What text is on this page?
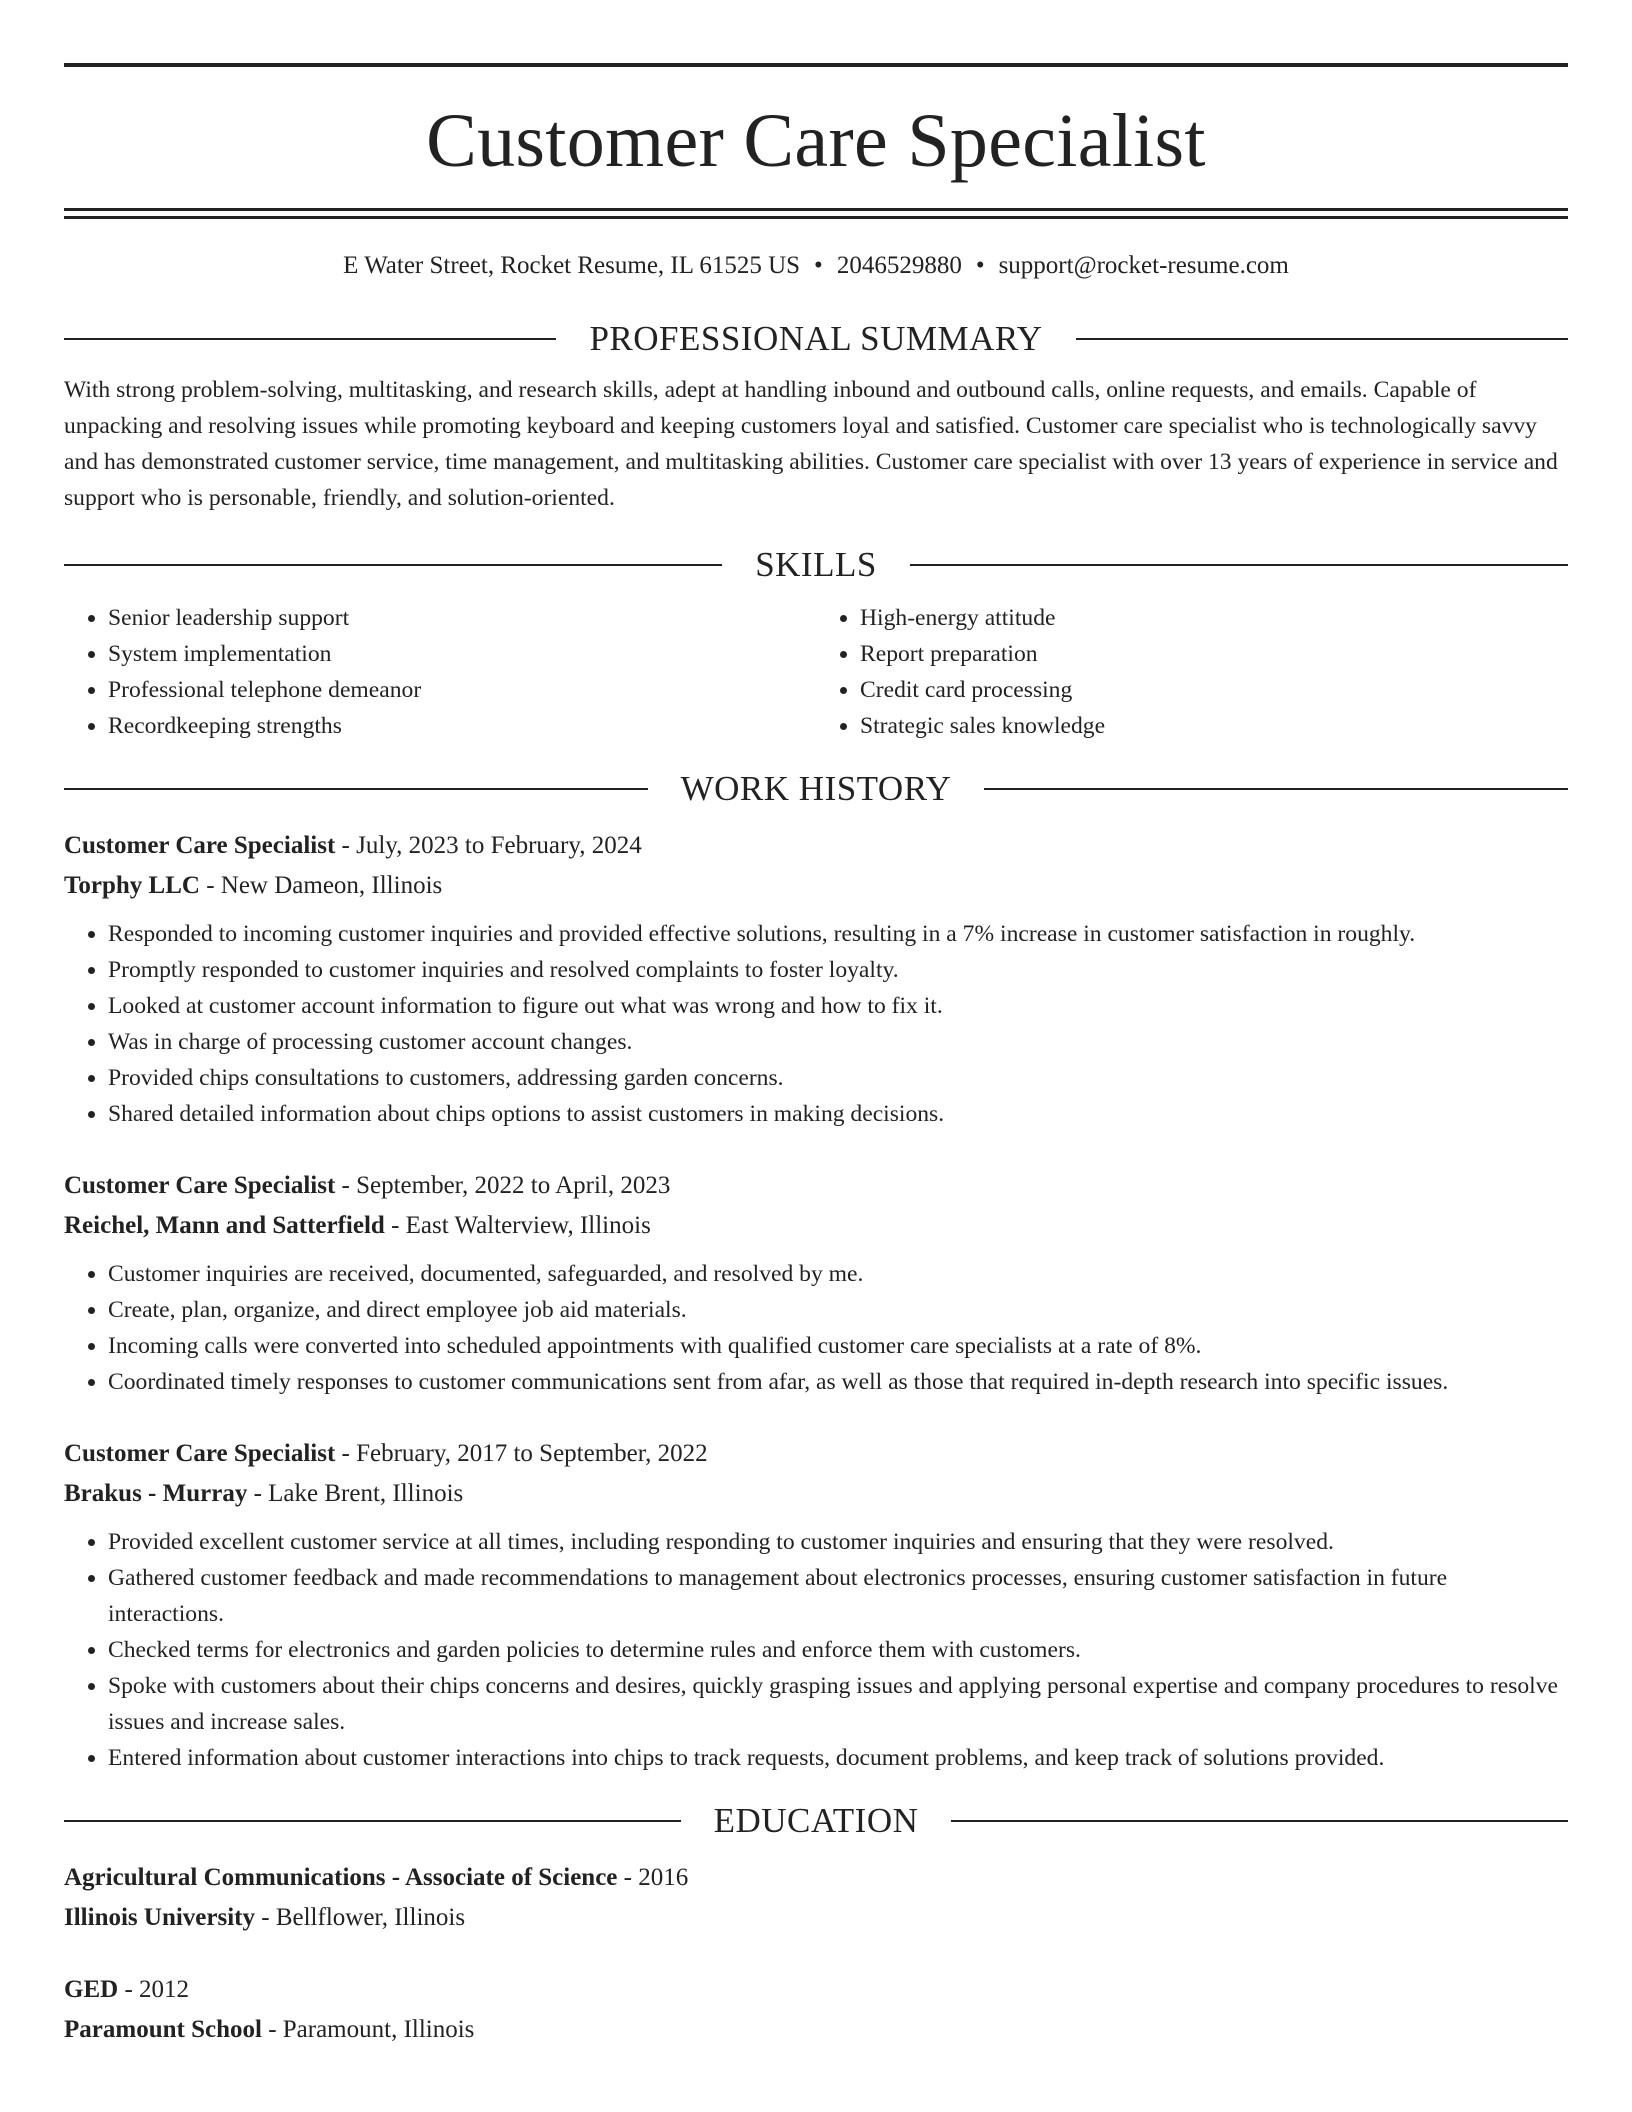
Customer Care Specialist
E Water Street, Rocket Resume, IL 61525 US • 2046529880 • support@rocket-resume.com
PROFESSIONAL SUMMARY

With strong problem-solving, multitasking, and research skills, adept at handling inbound and outbound calls, online requests, and emails. Capable of unpacking and resolving issues while promoting keyboard and keeping customers loyal and satisfied. Customer care specialist who is technologically savvy and has demonstrated customer service, time management, and multitasking abilities. Customer care specialist with over 13 years of experience in service and support who is personable, friendly, and solution-oriented.

SKILLS
• Senior leadership support
• System implementation
• Professional telephone demeanor
• Recordkeeping strengths
• High-energy attitude
• Report preparation
• Credit card processing
• Strategic sales knowledge
WORK HISTORY
Customer Care Specialist - July, 2023 to February, 2024
Torphy LLC - New Dameon, Illinois
• Responded to incoming customer inquiries and provided effective solutions, resulting in a 7% increase in customer satisfaction in roughly.
• Promptly responded to customer inquiries and resolved complaints to foster loyalty.
• Looked at customer account information to figure out what was wrong and how to fix it.
• Was in charge of processing customer account changes.
• Provided chips consultations to customers, addressing garden concerns.
• Shared detailed information about chips options to assist customers in making decisions.
Customer Care Specialist - September, 2022 to April, 2023
Reichel, Mann and Satterfield - East Walterview, Illinois
• Customer inquiries are received, documented, safeguarded, and resolved by me.
• Create, plan, organize, and direct employee job aid materials.
• Incoming calls were converted into scheduled appointments with qualified customer care specialists at a rate of 8%.
• Coordinated timely responses to customer communications sent from afar, as well as those that required in-depth research into specific issues.
Customer Care Specialist - February, 2017 to September, 2022
Brakus - Murray - Lake Brent, Illinois
• Provided excellent customer service at all times, including responding to customer inquiries and ensuring that they were resolved.
• Gathered customer feedback and made recommendations to management about electronics processes, ensuring customer satisfaction in future interactions.
• Checked terms for electronics and garden policies to determine rules and enforce them with customers.
• Spoke with customers about their chips concerns and desires, quickly grasping issues and applying personal expertise and company procedures to resolve issues and increase sales.
• Entered information about customer interactions into chips to track requests, document problems, and keep track of solutions provided.
EDUCATION
Agricultural Communications - Associate of Science - 2016
Illinois University - Bellflower, Illinois
GED - 2012
Paramount School - Paramount, Illinois
